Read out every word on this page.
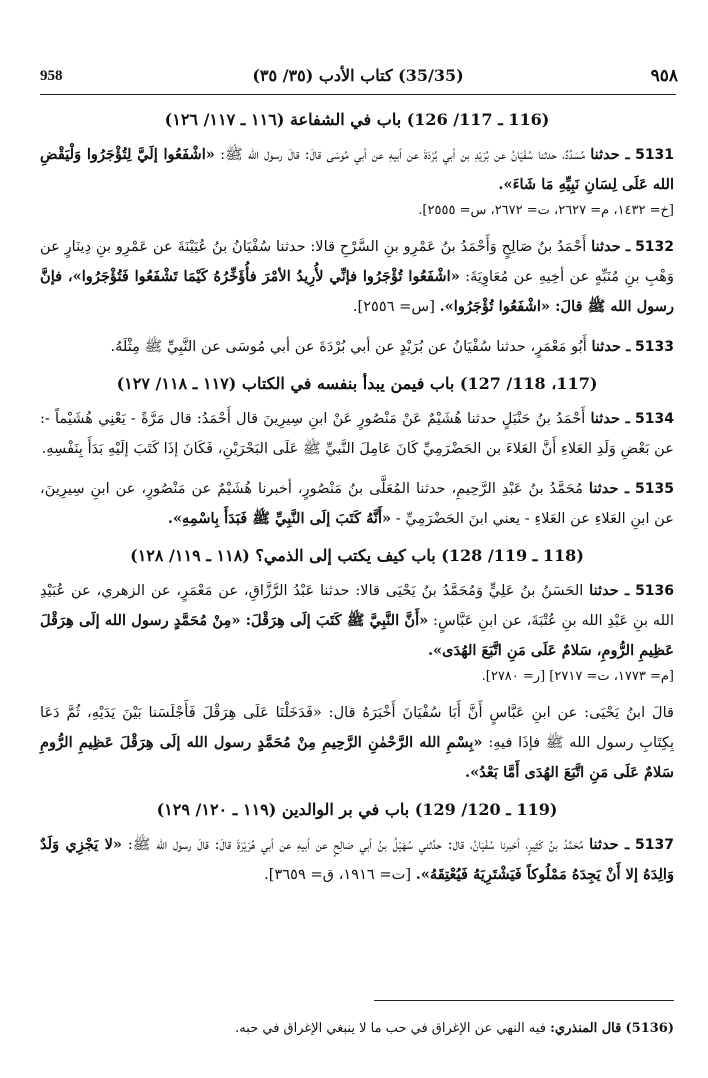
٩٥٨
(35/35) كتاب الأدب (٣٥/ ٣٥)
958
(116 ـ 117/ 126) باب في الشفاعة (١١٦ ـ ١١٧/ ١٢٦)

5131 ـ حدثنا مُسَدَّدٌ، حدثنا سُفْيَانُ عن بُرَيْدِ بن أبي بُرْدَةَ عن أبيهِ عن أبي مُوسَى قالَ: قالَ رسول الله ﷺ: «اشْفَعُوا إلَيَّ لِتُؤْجَرُوا وَلْيَقْضِ الله عَلَى لِسَانِ نَبِيِّهِ مَا شَاءَ».
[خ= ١٤٣٢، م= ٢٦٢٧، ت= ٢٦٧٢، س= ٢٥٥٥].

5132 ـ حدثنا أَحْمَدُ بنُ صَالِحٍ وَأَحْمَدُ بنُ عَمْرِو بنِ السَّرْحِ قالا: حدثنا سُفْيَانُ بنُ عُيَيْنَةَ عن عَمْرِو بنِ دِينَارٍ عن وَهْبِ بنِ مُنَبِّهٍ عن أخِيهِ عن مُعَاوِيَةَ: «اشْفَعُوا تُؤْجَرُوا فإنِّي لأُرِيدُ الأمْرَ فأُؤَخِّرُهُ كَيْمَا تَشْفَعُوا فَتُؤْجَرُوا»، فإنَّ رسول الله ﷺ قالَ: «اشْفَعُوا تُؤْجَرُوا». [س= ٢٥٥٦].

5133 ـ حدثنا أَبُو مَعْمَرٍ، حدثنا سُفْيَانُ عن بُرَيْدٍ عن أبي بُرْدَةَ عن أبي مُوسَى عن النَّبِيِّ ﷺ مِثْلَهُ.

(117، 118/ 127) باب فيمن يبدأ بنفسه في الكتاب (١١٧ ـ ١١٨/ ١٢٧)

5134 ـ حدثنا أَحْمَدُ بنُ حَنْبَلٍ حدثنا هُشَيْمٌ عَنْ مَنْصُورٍ عَنْ ابنِ سِيرِينَ قال أَحْمَدُ: قال مَرَّةً - يَعْنِي هُشَيْماً -: عن بَعْضِ وَلَدِ العَلاءِ أَنَّ العَلاءَ بن الحَضْرَمِيِّ كَانَ عَامِلَ النَّبيِّ ﷺ عَلَى البَحْرَيْنِ، فَكَانَ إذَا كَتَبَ إلَيْهِ بَدَأَ بِنَفْسِهِ.

5135 ـ حدثنا مُحَمَّدُ بنُ عَبْدِ الرَّحِيمِ، حدثنا المُعَلَّى بنُ مَنْصُورٍ، أخبرنا هُشَيْمٌ عن مَنْصُورٍ، عن ابنِ سِيرِينَ، عن ابنِ العَلاءِ عن العَلاءِ - يعني ابنَ الحَضْرَمِيِّ - «أَنَّهُ كَتَبَ إلَى النَّبِيِّ ﷺ فَبَدَأَ بِاسْمِهِ».

(118 ـ 119/ 128) باب كيف يكتب إلى الذمي؟ (١١٨ ـ ١١٩/ ١٢٨)

5136 ـ حدثنا الحَسَنُ بنُ عَلِيٍّ وَمُحَمَّدُ بنُ يَحْيَى قالا: حدثنا عَبْدُ الرَّزَّاقِ، عن مَعْمَرٍ، عن الزهري، عن عُبَيْدِ الله بنِ عَبْدِ الله بنِ عُتْبَةَ، عن ابنِ عَبَّاسٍ: «أَنَّ النَّبِيَّ ﷺ كَتَبَ إلَى هِرَقْلَ: «مِنْ مُحَمَّدٍ رسول الله إلَى هِرَقْلَ عَظِيمِ الرُّومِ، سَلامٌ عَلَى مَنِ اتَّبَعَ الهُدَى».
[م= ١٧٧٣، ت= ٢٧١٧] [ر= ٢٧٨٠].

قالَ ابنُ يَحْيَى: عن ابنِ عَبَّاسٍ أَنَّ أَبَا سُفْيَانَ أَخْبَرَهُ قال: «فَدَخَلْنَا عَلَى هِرَقْلَ فَأَجْلَسَنا بَيْنَ يَدَيْهِ، ثُمَّ دَعَا بِكِتَابِ رسول الله ﷺ فإذَا فيهِ: «بِسْمِ الله الرَّحْمٰنِ الرَّحِيمِ مِنْ مُحَمَّدٍ رسول الله إلَى هِرَقْلَ عَظِيمِ الرُّومِ سَلامٌ عَلَى مَنِ اتَّبَعَ الهُدَى أَمَّا بَعْدُ».

(119 ـ 120/ 129) باب في بر الوالدين (١١٩ ـ ١٢٠/ ١٢٩)

5137 ـ حدثنا مُحَمَّدُ بنُ كَثِيرٍ، أخبرنا سُفْيَانُ، قال: حدَّثني سُهَيْلُ بنُ أبي صَالِحٍ عن أبيهِ عن أبي هُرَيْرَةَ قالَ: قالَ رسول الله ﷺ: «لا يَجْزِي وَلَدٌ وَالِدَهُ إلا أَنْ يَجِدَهُ مَمْلُوكاً فَيَشْتَرِيَهُ فَيُعْتِقَهُ». [ت= ١٩١٦، ق= ٣٦٥٩].

(5136) قال المنذري: فيه النهي عن الإغراق في حب ما لا ينبغي الإغراق في حبه.
